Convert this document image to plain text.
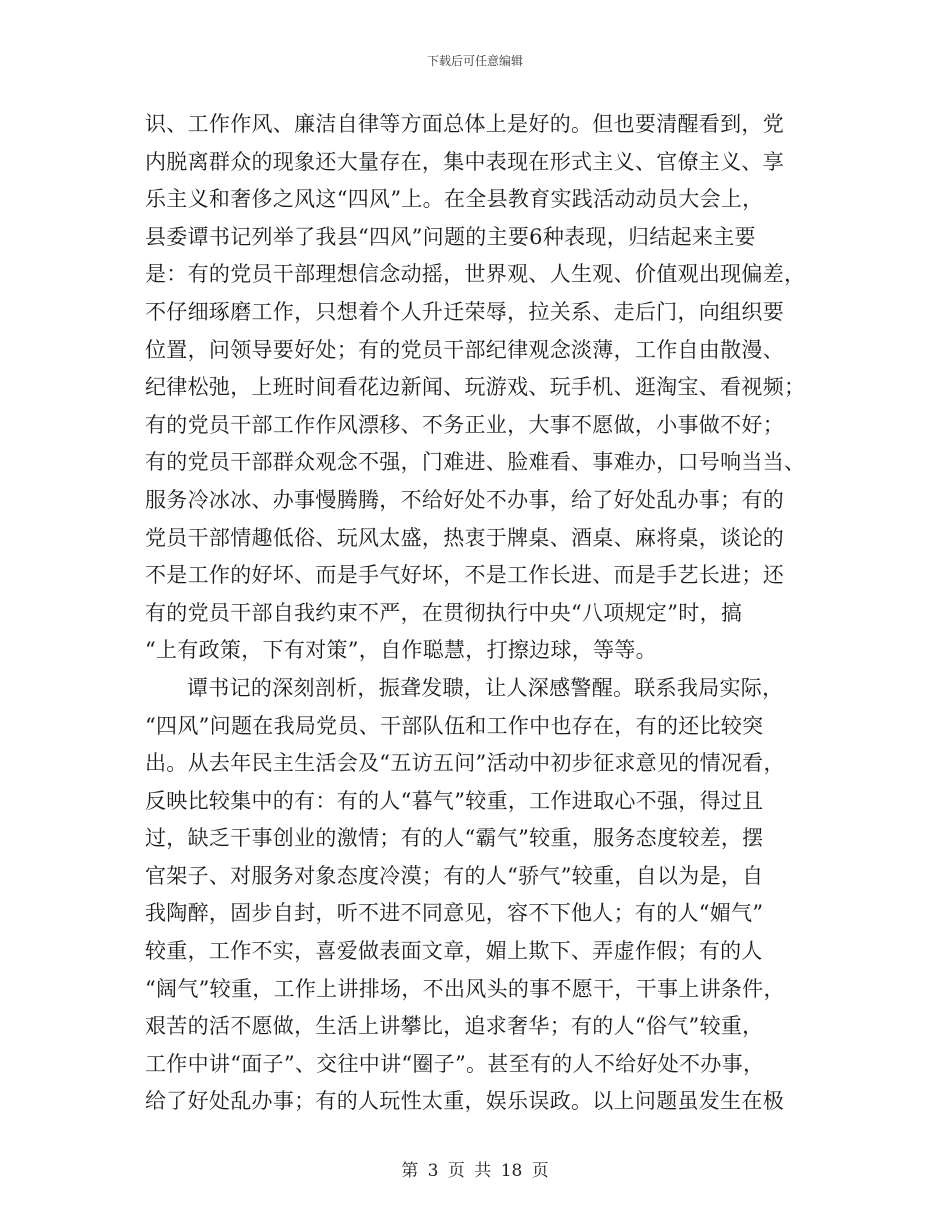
下载后可任意编辑
识、工作作风、廉洁自律等方面总体上是好的。但也要清醒看到，党
内脱离群众的现象还大量存在，集中表现在形式主义、官僚主义、享
乐主义和奢侈之风这“四风”上。在全县教育实践活动动员大会上，
县委谭书记列举了我县“四风”问题的主要6种表现，归结起来主要
是：有的党员干部理想信念动摇，世界观、人生观、价值观出现偏差，
不仔细琢磨工作，只想着个人升迁荣辱，拉关系、走后门，向组织要
位置，问领导要好处；有的党员干部纪律观念淡薄，工作自由散漫、
纪律松弛，上班时间看花边新闻、玩游戏、玩手机、逛淘宝、看视频；
有的党员干部工作作风漂移、不务正业，大事不愿做，小事做不好；
有的党员干部群众观念不强，门难进、脸难看、事难办，口号响当当、
服务冷冰冰、办事慢腾腾，不给好处不办事，给了好处乱办事；有的
党员干部情趣低俗、玩风太盛，热衷于牌桌、酒桌、麻将桌，谈论的
不是工作的好坏、而是手气好坏，不是工作长进、而是手艺长进；还
有的党员干部自我约束不严，在贯彻执行中央“八项规定”时，搞
“上有政策，下有对策”，自作聪慧，打擦边球，等等。
谭书记的深刻剖析，振聋发聩，让人深感警醒。联系我局实际，
“四风”问题在我局党员、干部队伍和工作中也存在，有的还比较突
出。从去年民主生活会及“五访五问”活动中初步征求意见的情况看，
反映比较集中的有：有的人“暮气”较重，工作进取心不强，得过且
过，缺乏干事创业的激情；有的人“霸气”较重，服务态度较差，摆
官架子、对服务对象态度冷漠；有的人“骄气”较重，自以为是，自
我陶醉，固步自封，听不进不同意见，容不下他人；有的人“媚气”
较重，工作不实，喜爱做表面文章，媚上欺下、弄虚作假；有的人
“阔气”较重，工作上讲排场，不出风头的事不愿干，干事上讲条件，
艰苦的活不愿做，生活上讲攀比，追求奢华；有的人“俗气”较重，
工作中讲“面子”、交往中讲“圈子”。甚至有的人不给好处不办事，
给了好处乱办事；有的人玩性太重，娱乐误政。以上问题虽发生在极
第 3 页 共 18 页
